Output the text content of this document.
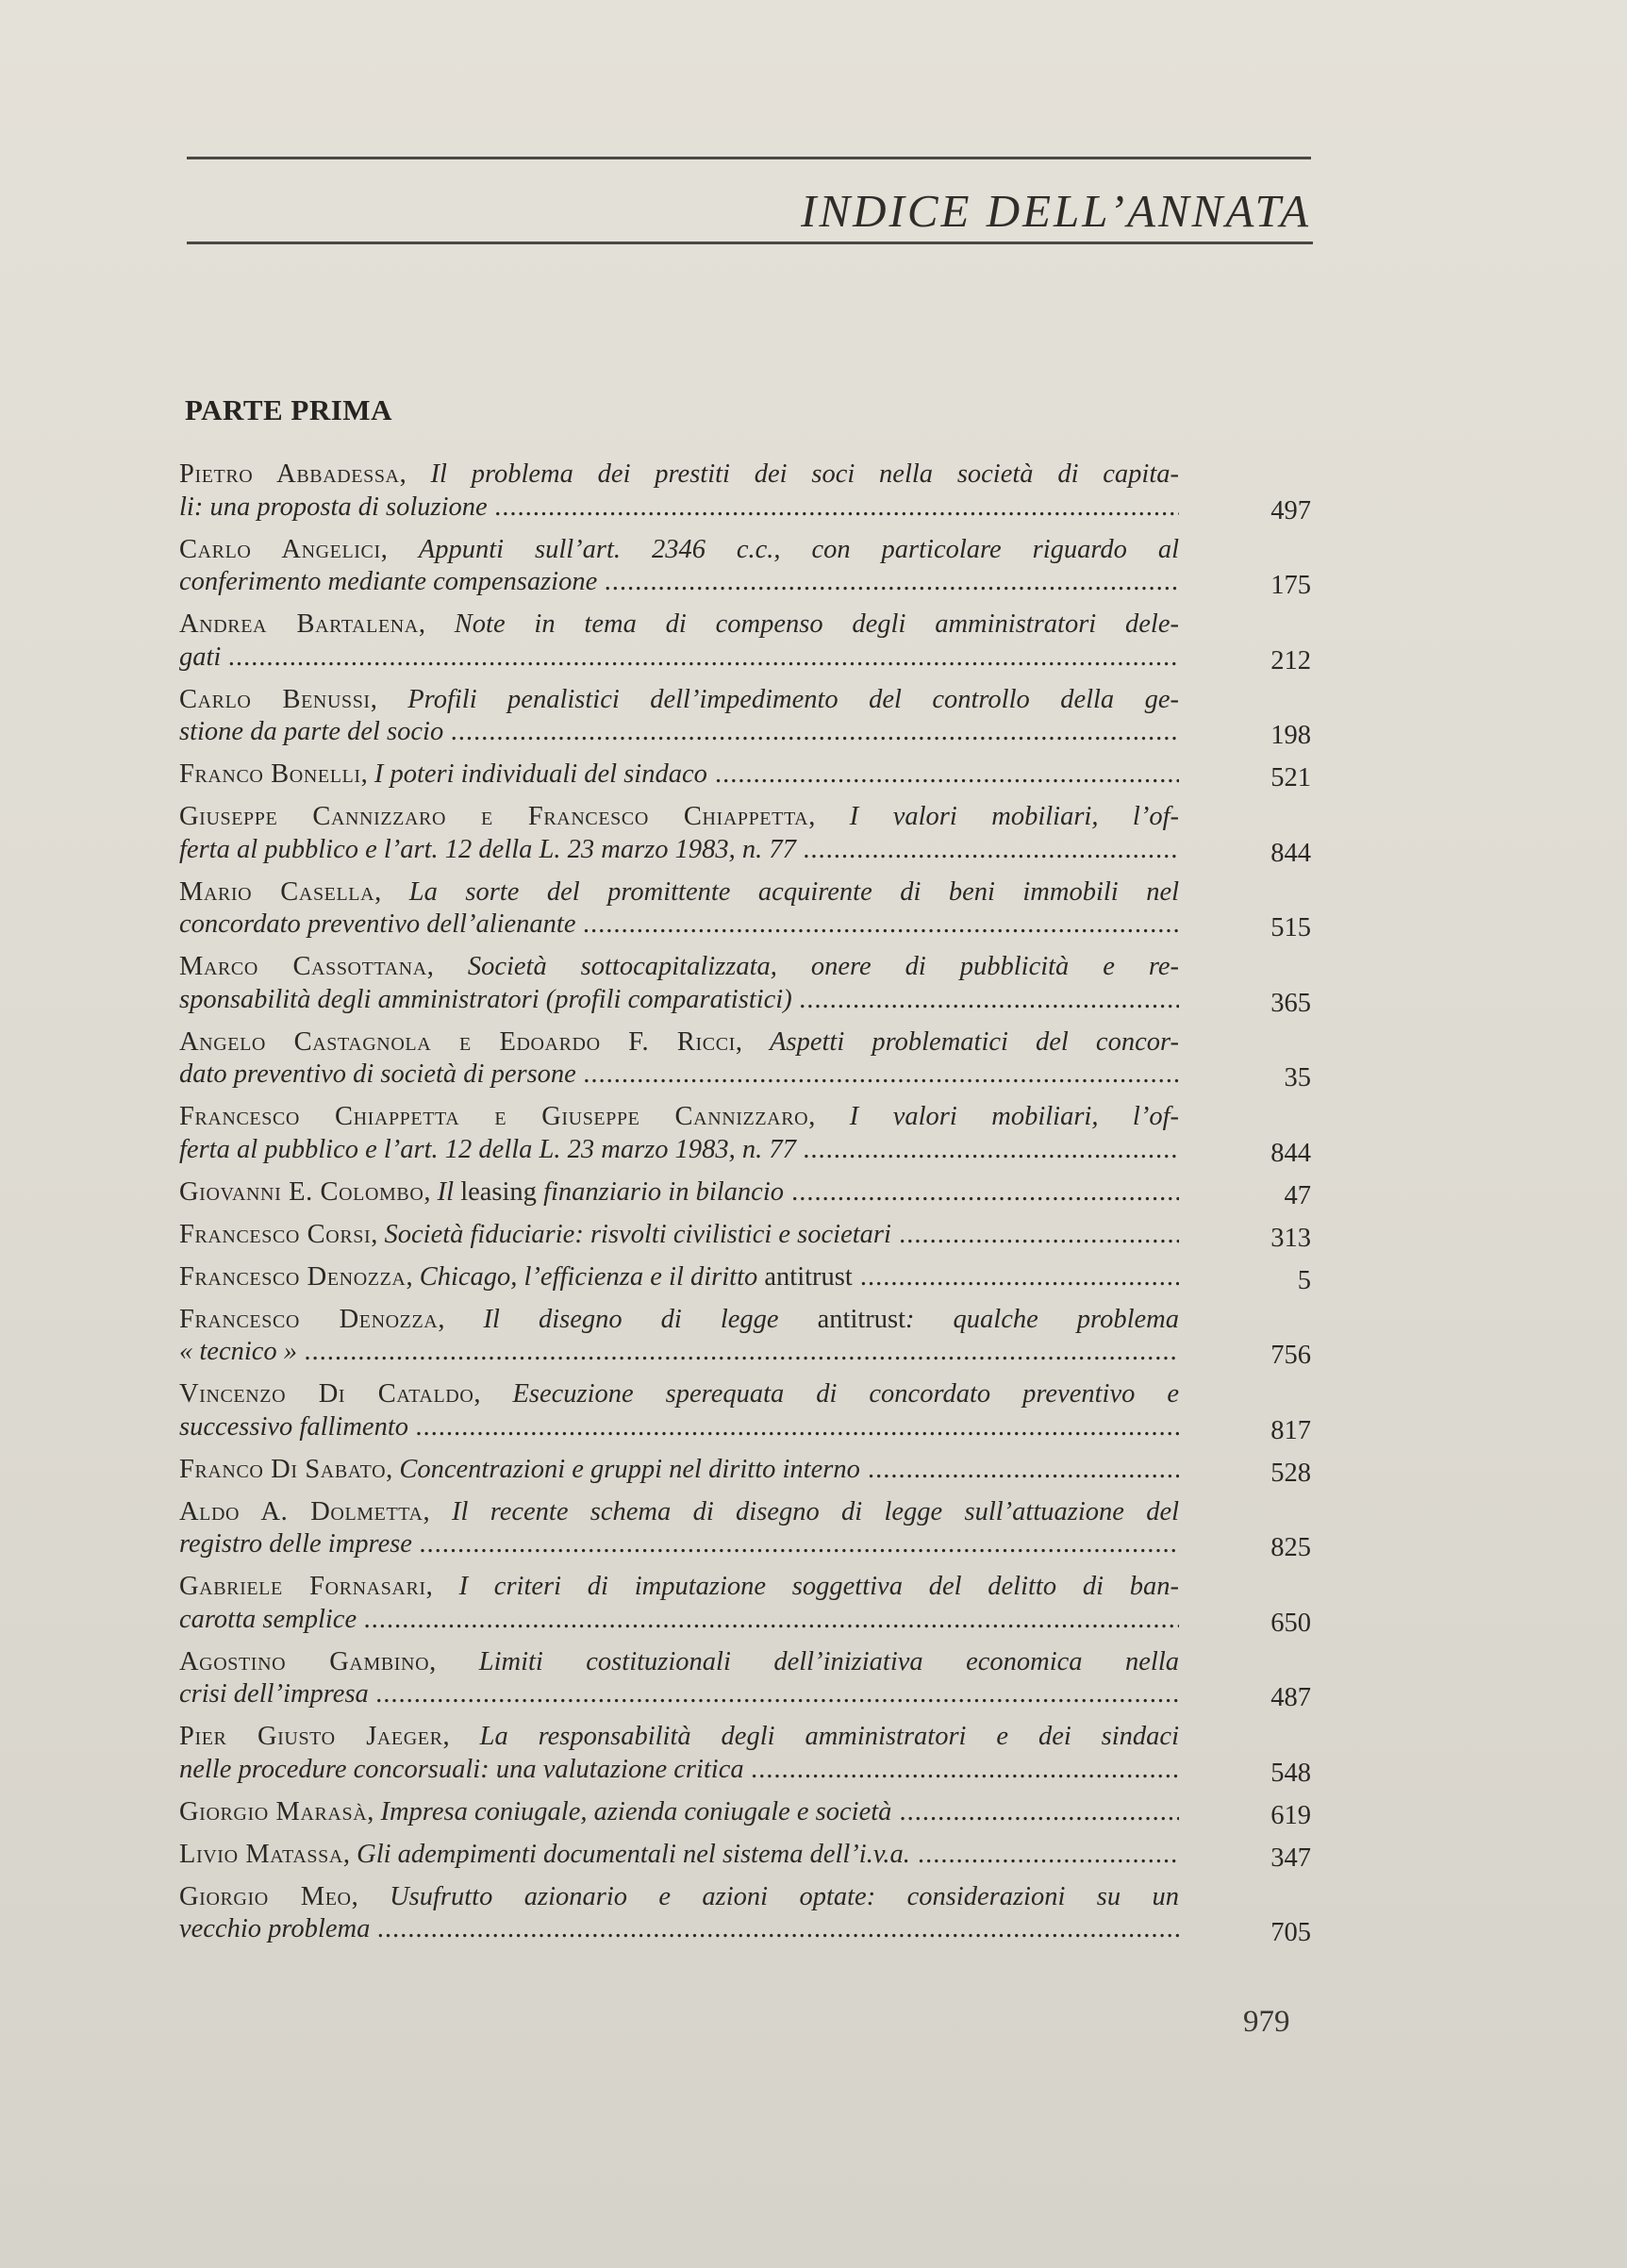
INDICE DELL’ANNATA
PARTE PRIMA
Pietro Abbadessa, Il problema dei prestiti dei soci nella società di capita-
li: una proposta di soluzione .....	497
Carlo Angelici, Appunti sull’art. 2346 c.c., con particolare riguardo al
conferimento mediante compensazione .....	175
Andrea Bartalena, Note in tema di compenso degli amministratori dele-
gati .....	212
Carlo Benussi, Profili penalistici dell’impedimento del controllo della ge-
stione da parte del socio .....	198
Franco Bonelli, I poteri individuali del sindaco .....	521
Giuseppe Cannizzaro e Francesco Chiappetta, I valori mobiliari, l’of-
ferta al pubblico e l’art. 12 della L. 23 marzo 1983, n. 77 .....	844
Mario Casella, La sorte del promittente acquirente di beni immobili nel
concordato preventivo dell’alienante .....	515
Marco Cassottana, Società sottocapitalizzata, onere di pubblicità e re-
sponsabilità degli amministratori (profili comparatistici) .....	365
Angelo Castagnola e Edoardo F. Ricci, Aspetti problematici del concor-
dato preventivo di società di persone .....	35
Francesco Chiappetta e Giuseppe Cannizzaro, I valori mobiliari, l’of-
ferta al pubblico e l’art. 12 della L. 23 marzo 1983, n. 77 .....	844
Giovanni E. Colombo, Il leasing finanziario in bilancio .....	47
Francesco Corsi, Società fiduciarie: risvolti civilistici e societari .....	313
Francesco Denozza, Chicago, l’efficienza e il diritto antitrust .....	5
Francesco Denozza, Il disegno di legge antitrust: qualche problema
« tecnico » .....	756
Vincenzo Di Cataldo, Esecuzione sperequata di concordato preventivo e
successivo fallimento .....	817
Franco Di Sabato, Concentrazioni e gruppi nel diritto interno .....	528
Aldo A. Dolmetta, Il recente schema di disegno di legge sull’attuazione del
registro delle imprese .....	825
Gabriele Fornasari, I criteri di imputazione soggettiva del delitto di ban-
carotta semplice .....	650
Agostino Gambino, Limiti costituzionali dell’iniziativa economica nella
crisi dell’impresa .....	487
Pier Giusto Jaeger, La responsabilità degli amministratori e dei sindaci
nelle procedure concorsuali: una valutazione critica .....	548
Giorgio Marasà, Impresa coniugale, azienda coniugale e società .....	619
Livio Matassa, Gli adempimenti documentali nel sistema dell’i.v.a. .....	347
Giorgio Meo, Usufrutto azionario e azioni optate: considerazioni su un
vecchio problema .....	705
979
